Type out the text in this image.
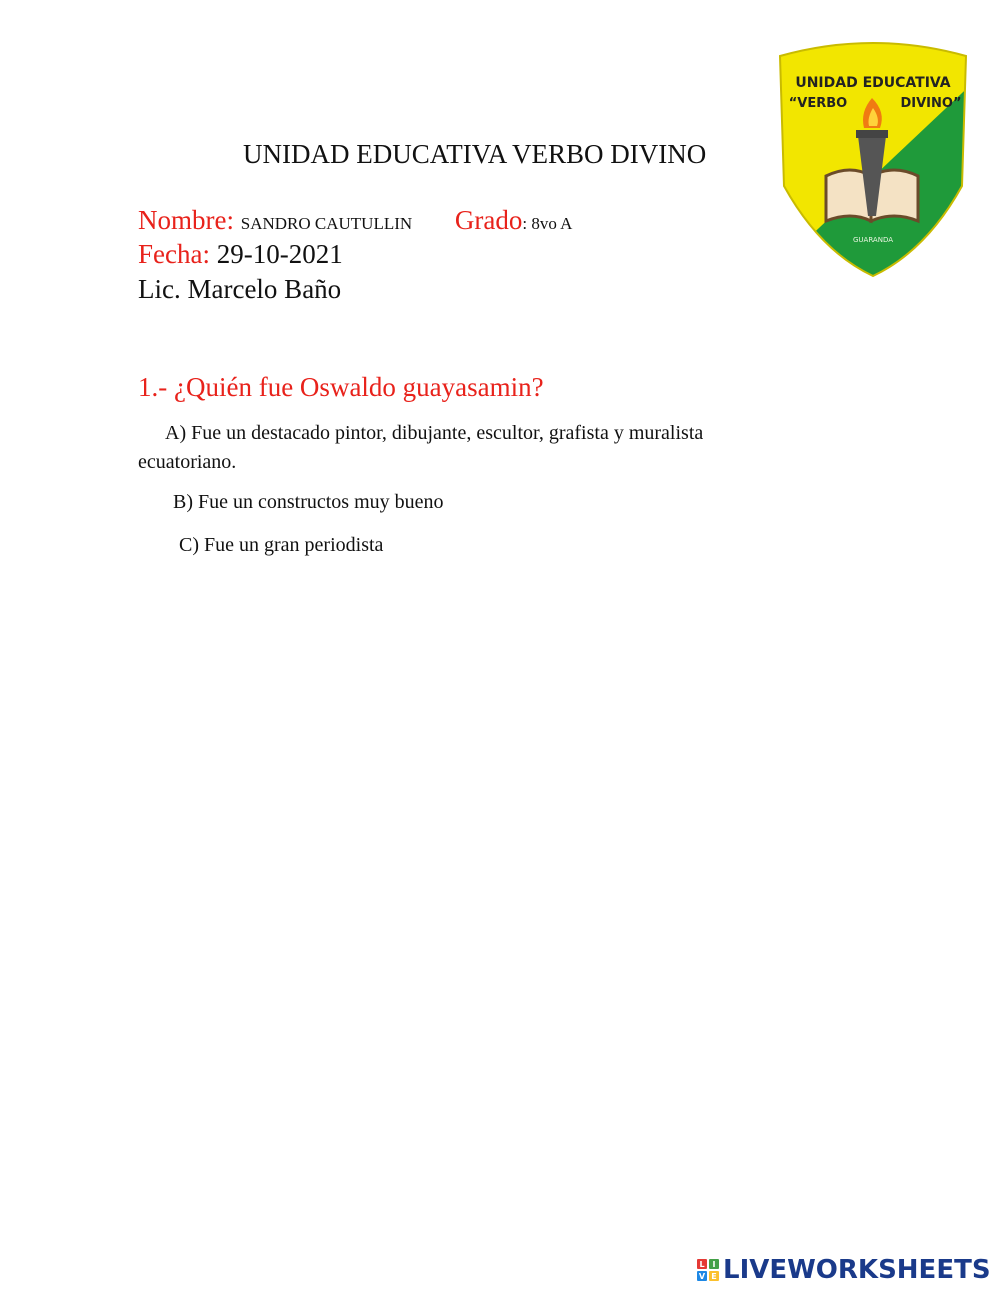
UNIDAD EDUCATIVA VERBO DIVINO
UNIDAD EDUCATIVA
“VERBO	DIVINO”
GUARANDA
Nombre: SANDRO CAUTULLIN Grado: 8vo A
Fecha: 29-10-2021
Lic. Marcelo Baño
1.- ¿Quién fue Oswaldo guayasamin?
A) Fue un destacado pintor, dibujante, escultor, grafista y muralista
ecuatoriano.
B) Fue un constructos muy bueno
C) Fue un gran periodista
L I
V E LIVEWORKSHEETS
